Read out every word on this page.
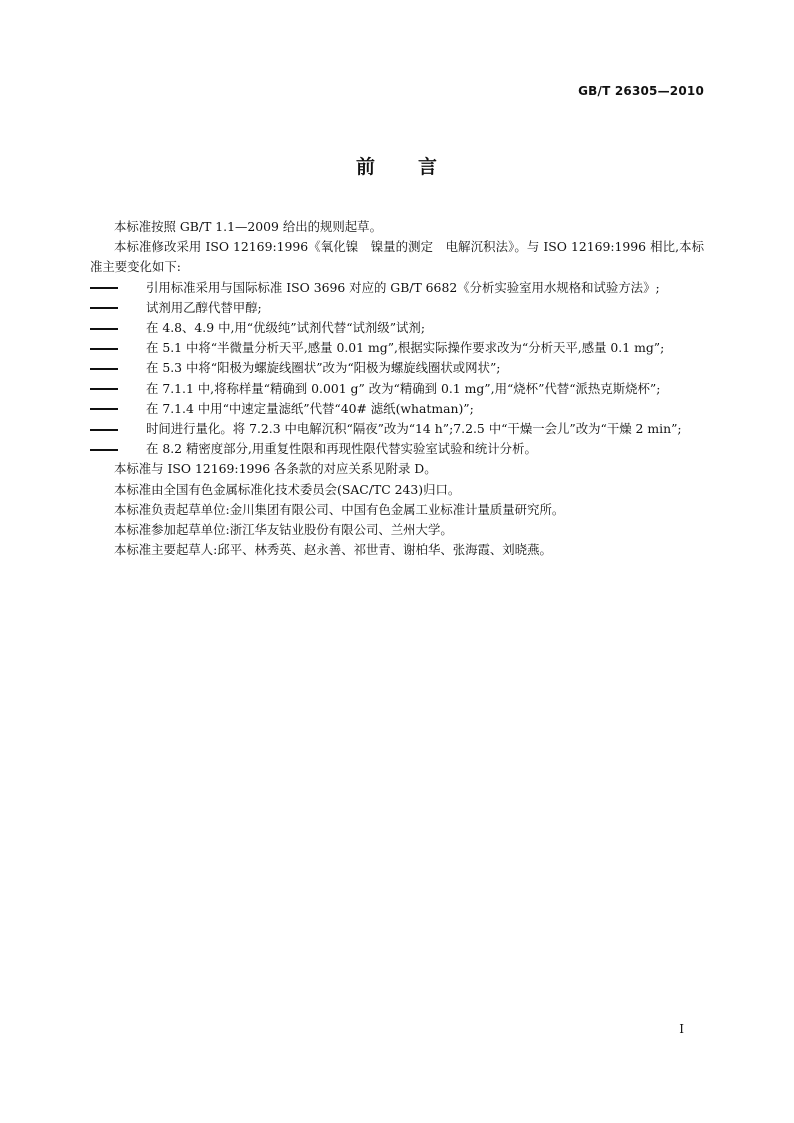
GB/T 26305—2010
前 言

本标准按照 GB/T 1.1—2009 给出的规则起草。

本标准修改采用 ISO 12169:1996《氧化镍　镍量的测定　电解沉积法》。与 ISO 12169:1996 相比,本标准主要变化如下:

引用标准采用与国际标准 ISO 3696 对应的 GB/T 6682《分析实验室用水规格和试验方法》;

试剂用乙醇代替甲醇;

在 4.8、4.9 中,用“优级纯”试剂代替“试剂级”试剂;

在 5.1 中将“半微量分析天平,感量 0.01 mg”,根据实际操作要求改为“分析天平,感量 0.1 mg”;

在 5.3 中将“阳极为螺旋线圈状”改为“阳极为螺旋线圈状或网状”;

在 7.1.1 中,将称样量“精确到 0.001 g” 改为“精确到 0.1 mg”,用“烧杯”代替“派热克斯烧杯”;

在 7.1.4 中用“中速定量滤纸”代替“40# 滤纸(whatman)”;

时间进行量化。将 7.2.3 中电解沉积“隔夜”改为“14 h”;7.2.5 中“干燥一会儿”改为“干燥 2 min”;

在 8.2 精密度部分,用重复性限和再现性限代替实验室试验和统计分析。

本标准与 ISO 12169:1996 各条款的对应关系见附录 D。

本标准由全国有色金属标准化技术委员会(SAC/TC 243)归口。

本标准负责起草单位:金川集团有限公司、中国有色金属工业标准计量质量研究所。

本标准参加起草单位:浙江华友钴业股份有限公司、兰州大学。

本标准主要起草人:邱平、林秀英、赵永善、祁世青、谢柏华、张海霞、刘晓燕。

I
